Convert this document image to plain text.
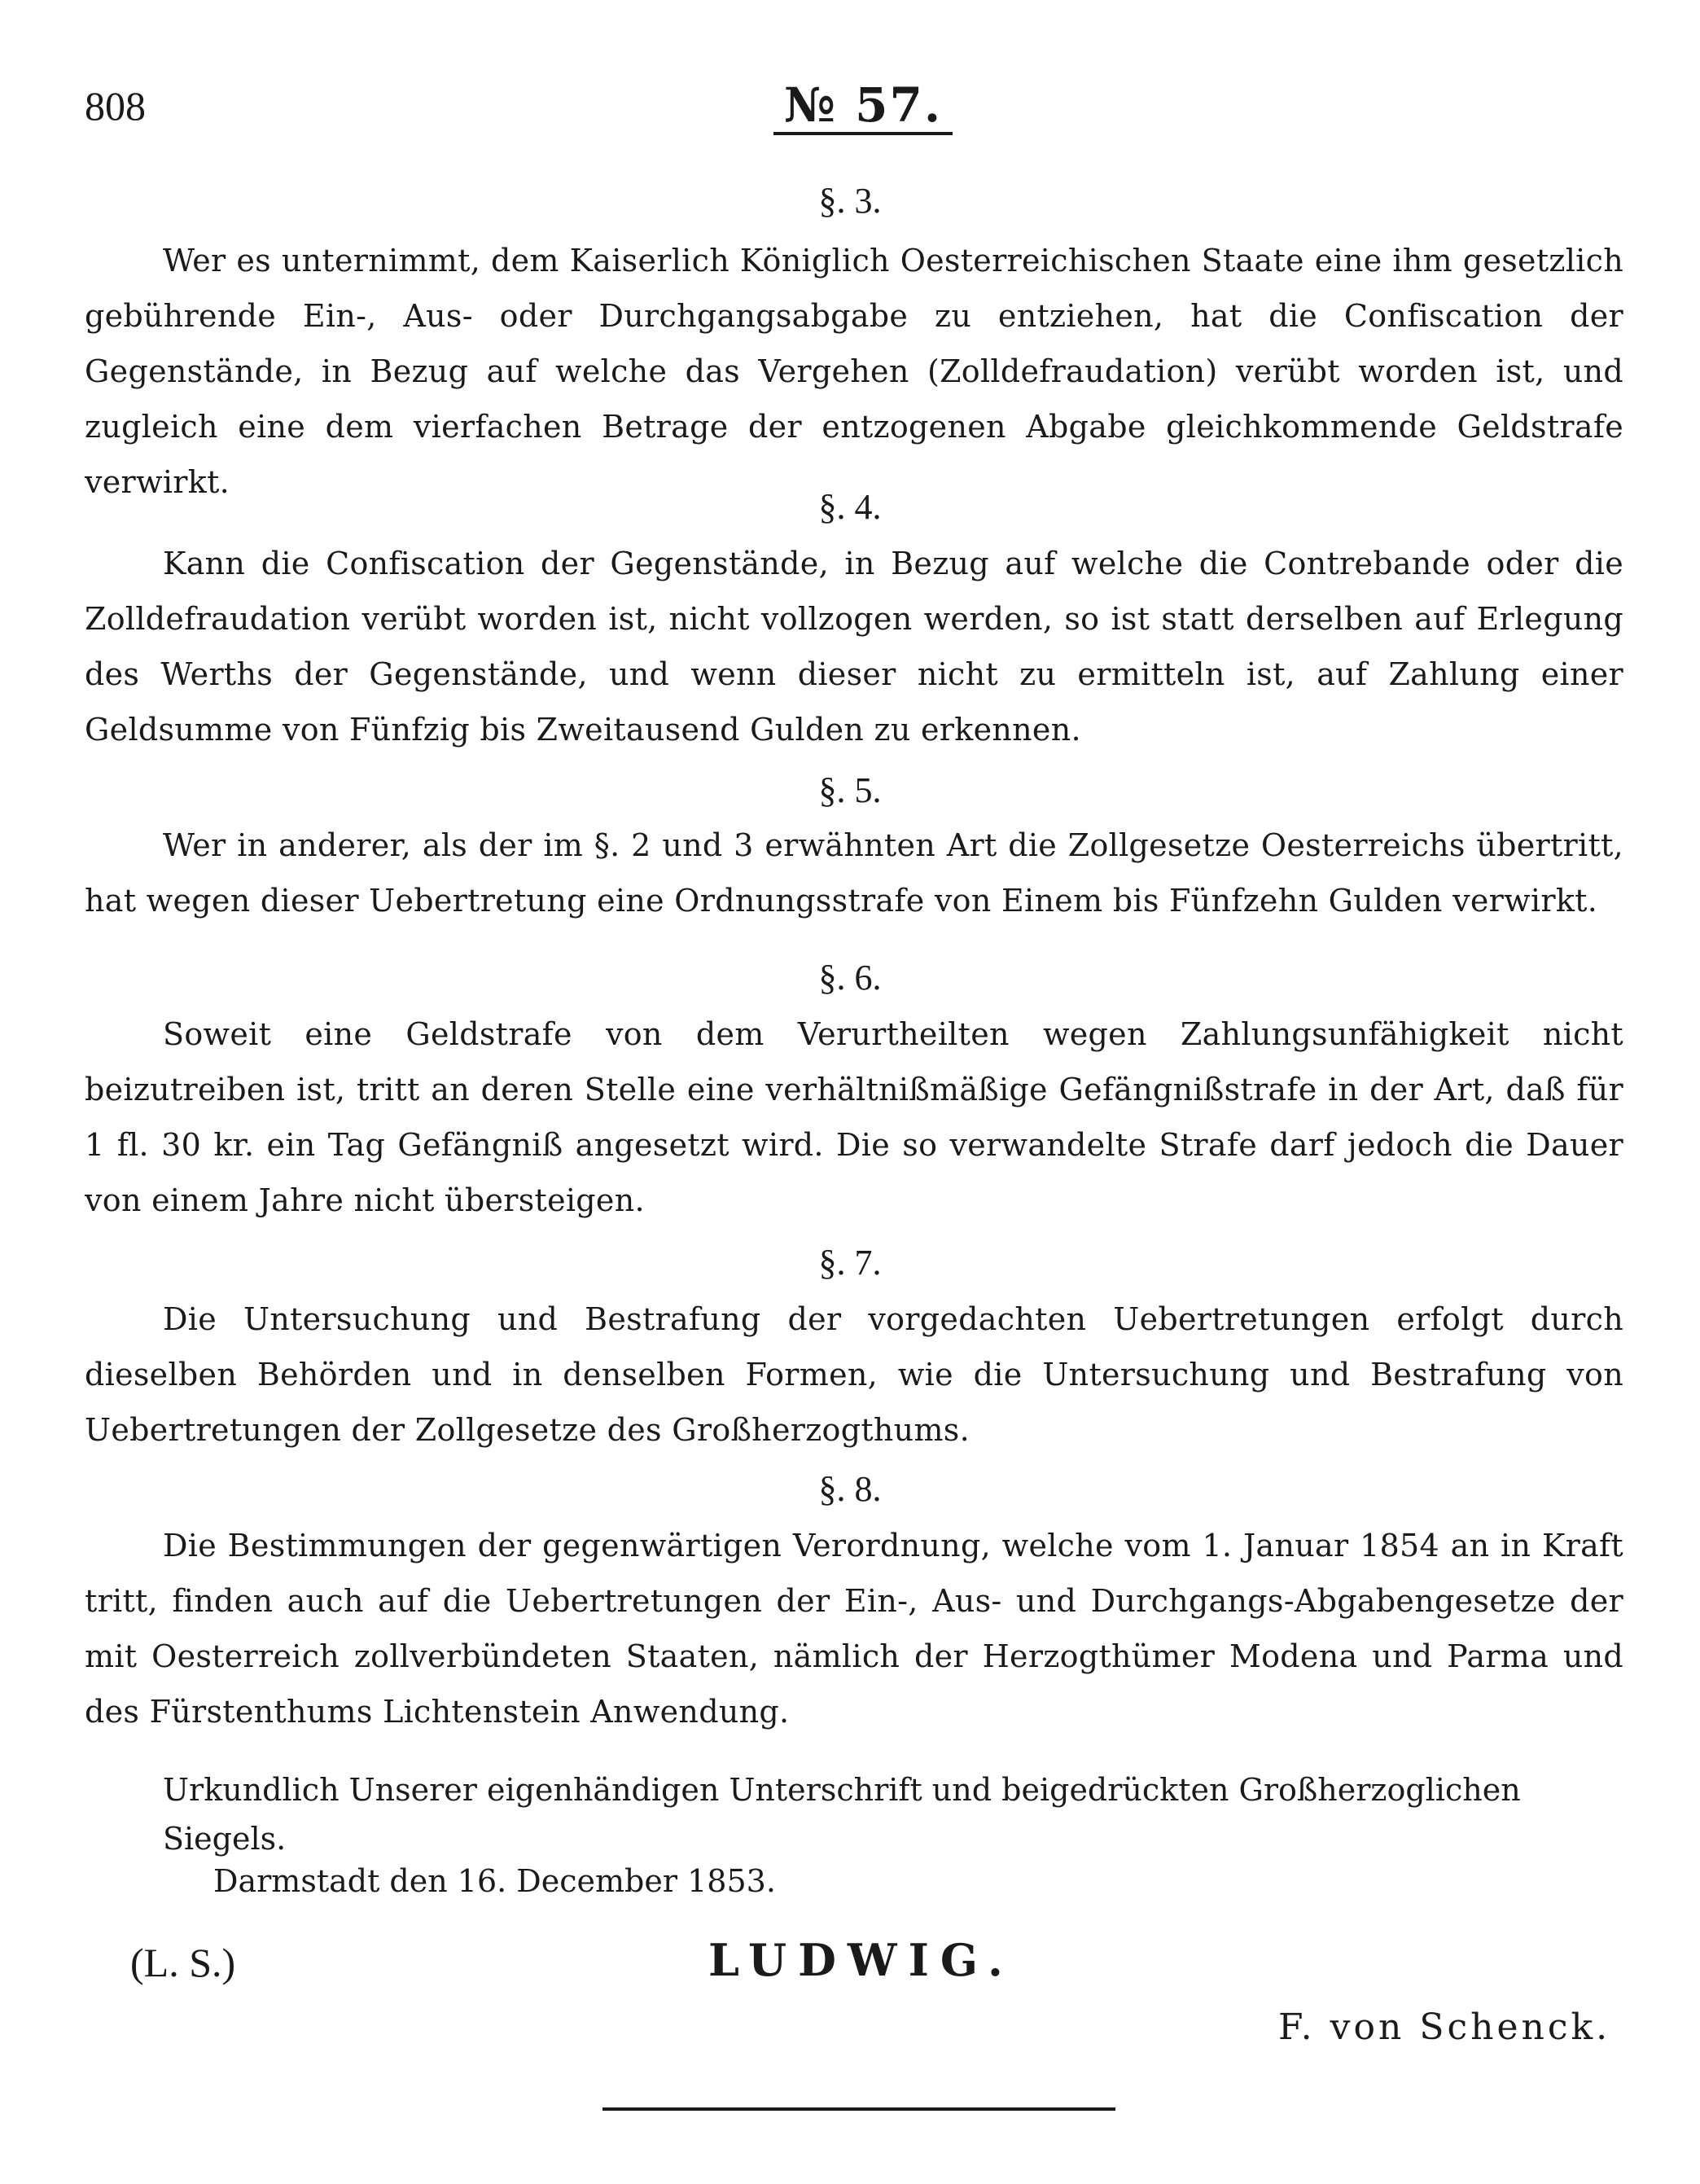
808	№ 57.
§. 3.

Wer es unternimmt, dem Kaiserlich Königlich Oesterreichischen Staate eine ihm gesetzlich gebührende Ein-, Aus- oder Durchgangsabgabe zu entziehen, hat die Confiscation der Gegenstände, in Bezug auf welche das Vergehen (Zolldefraudation) verübt worden ist, und zugleich eine dem vierfachen Betrage der entzogenen Abgabe gleichkommende Geldstrafe verwirkt.

§. 4.

Kann die Confiscation der Gegenstände, in Bezug auf welche die Contrebande oder die Zolldefraudation verübt worden ist, nicht vollzogen werden, so ist statt derselben auf Erlegung des Werths der Gegenstände, und wenn dieser nicht zu ermitteln ist, auf Zahlung einer Geldsumme von Fünfzig bis Zweitausend Gulden zu erkennen.

§. 5.

Wer in anderer, als der im §. 2 und 3 erwähnten Art die Zollgesetze Oesterreichs übertritt, hat wegen dieser Uebertretung eine Ordnungsstrafe von Einem bis Fünfzehn Gulden verwirkt.

§. 6.

Soweit eine Geldstrafe von dem Verurtheilten wegen Zahlungsunfähigkeit nicht beizutreiben ist, tritt an deren Stelle eine verhältnißmäßige Gefängnißstrafe in der Art, daß für 1 fl. 30 kr. ein Tag Gefängniß angesetzt wird. Die so verwandelte Strafe darf jedoch die Dauer von einem Jahre nicht übersteigen.

§. 7.

Die Untersuchung und Bestrafung der vorgedachten Uebertretungen erfolgt durch dieselben Behörden und in denselben Formen, wie die Untersuchung und Bestrafung von Uebertretungen der Zollgesetze des Großherzogthums.

§. 8.

Die Bestimmungen der gegenwärtigen Verordnung, welche vom 1. Januar 1854 an in Kraft tritt, finden auch auf die Uebertretungen der Ein-, Aus- und Durchgangs-Abgabengesetze der mit Oesterreich zollverbündeten Staaten, nämlich der Herzogthümer Modena und Parma und des Fürstenthums Lichtenstein Anwendung.

Urkundlich Unserer eigenhändigen Unterschrift und beigedrückten Großherzoglichen Siegels.

Darmstadt den 16. December 1853.

(L. S.)	LUDWIG.
F. von Schenck.
